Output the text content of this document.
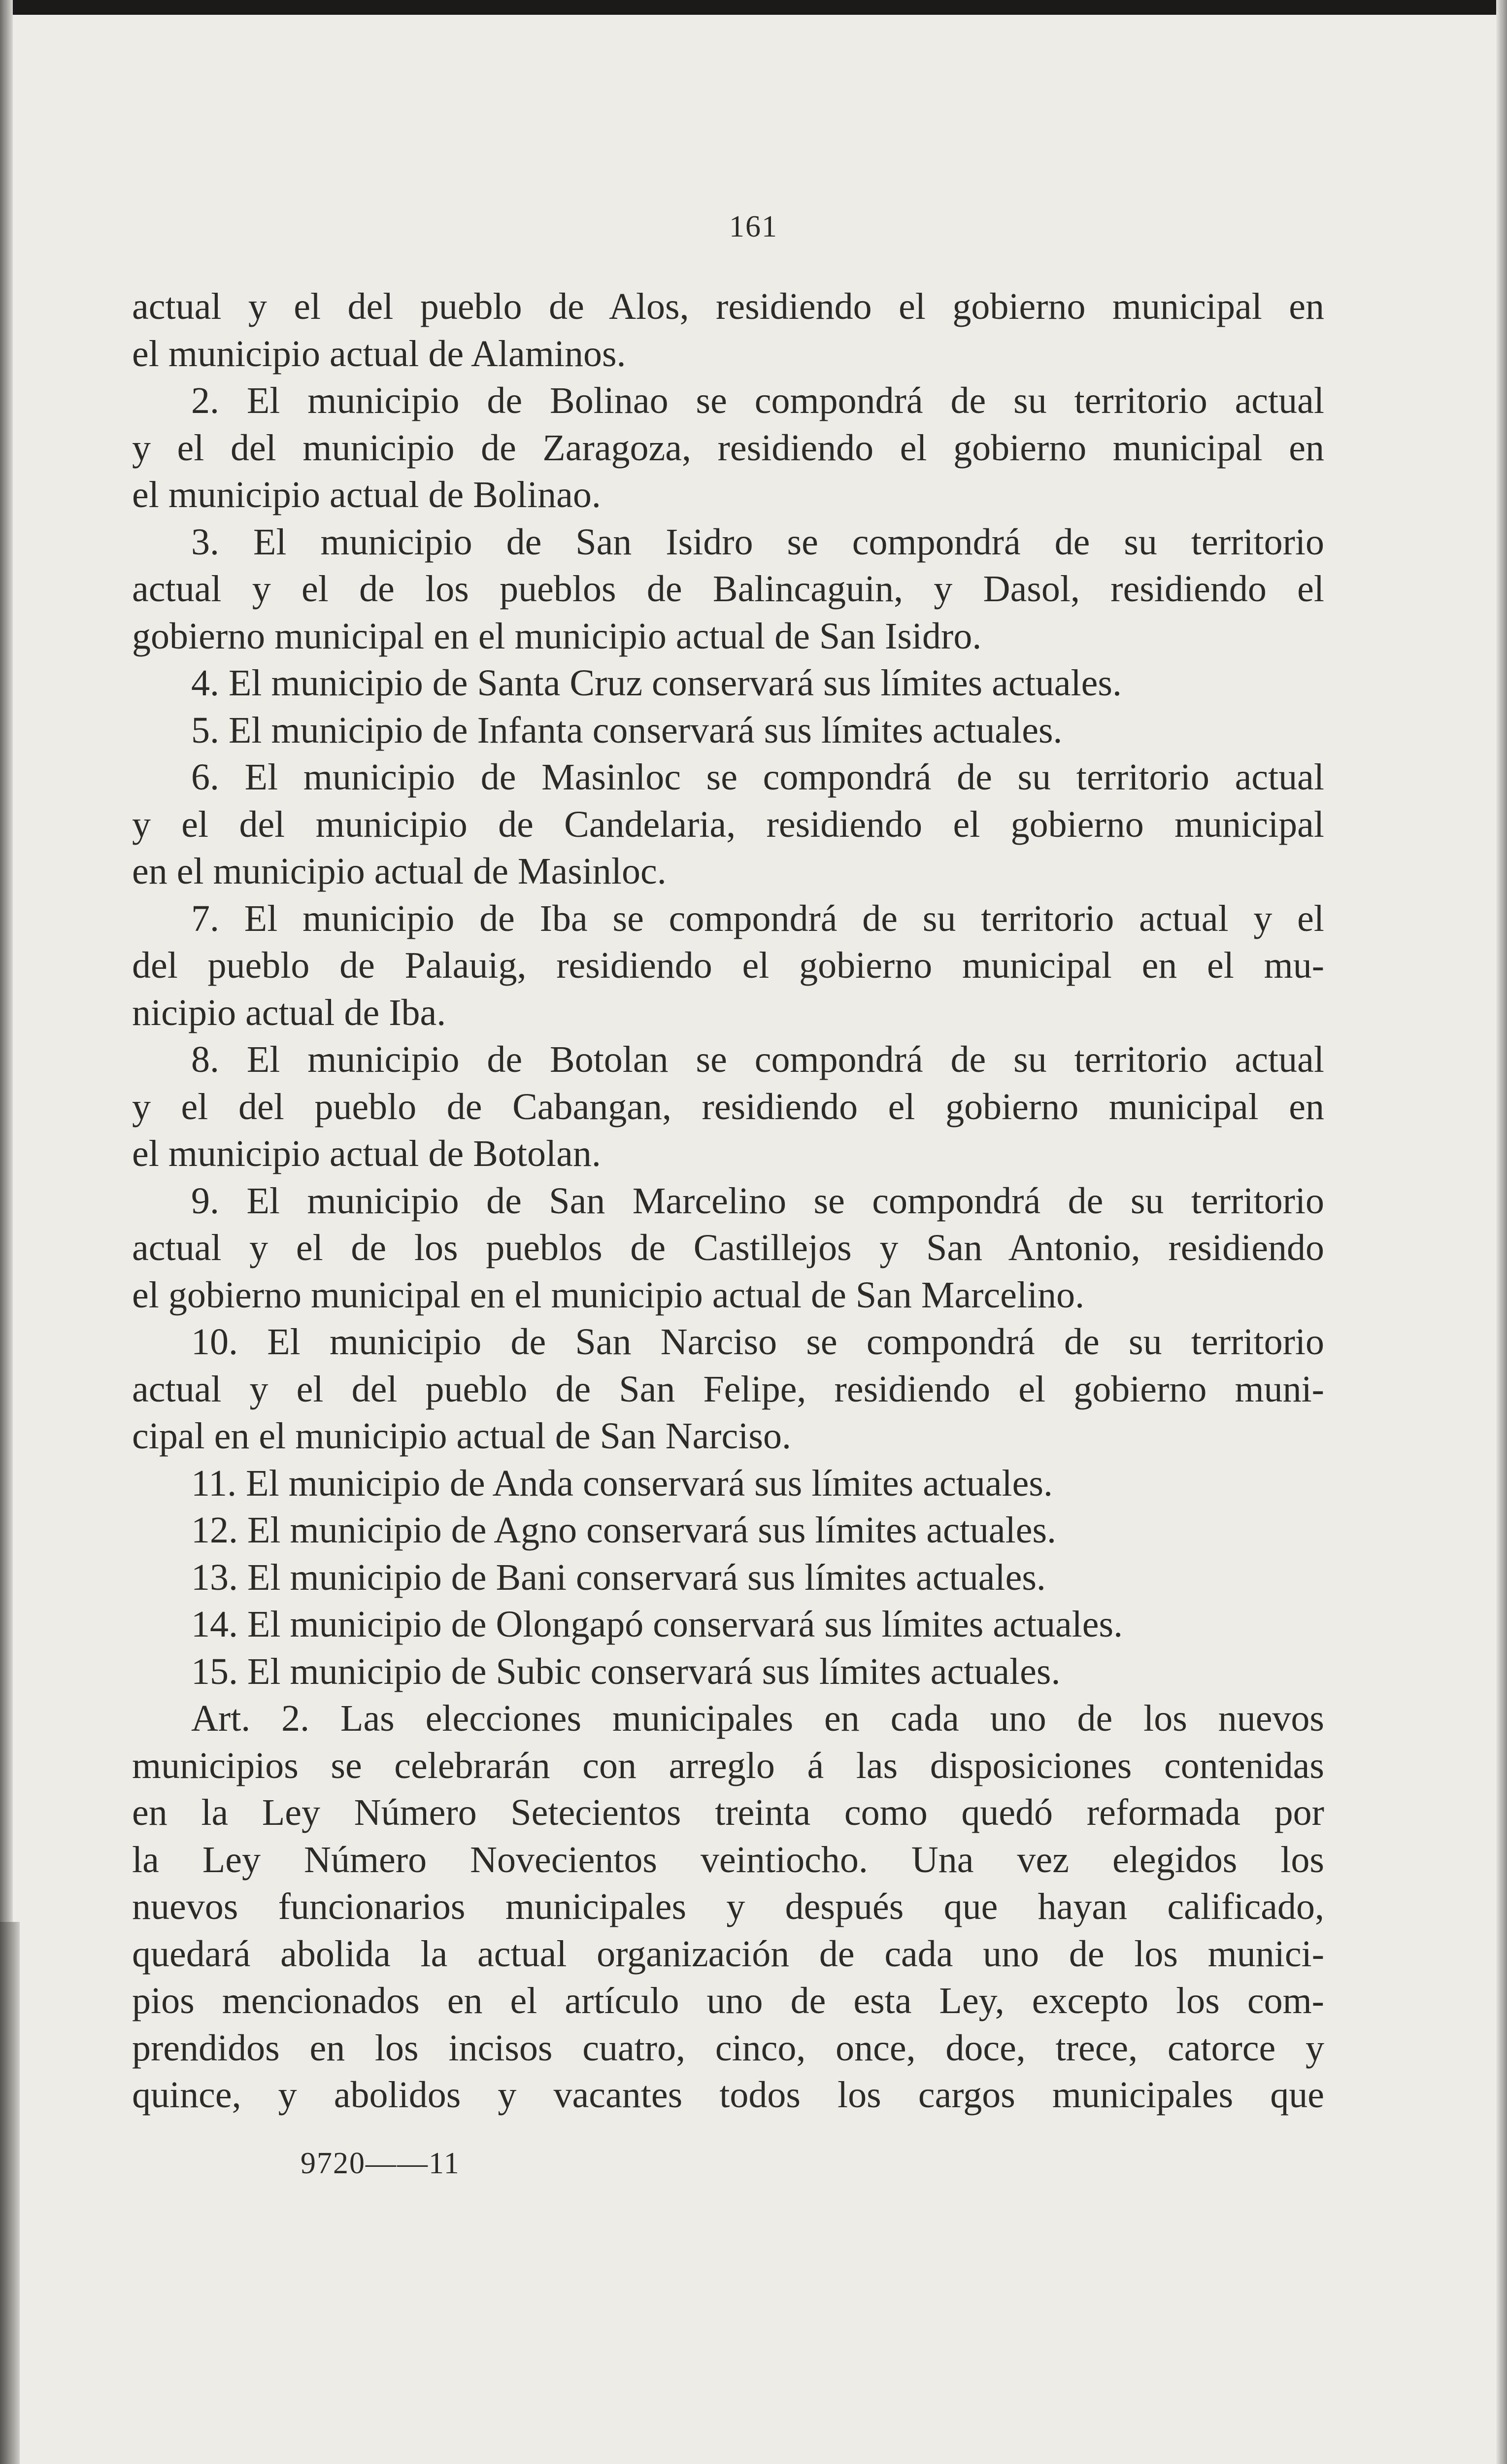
161
actual y el del pueblo de Alos, residiendo el gobierno municipal en
el municipio actual de Alaminos.
2. El municipio de Bolinao se compondrá de su territorio actual
y el del municipio de Zaragoza, residiendo el gobierno municipal en
el municipio actual de Bolinao.
3. El municipio de San Isidro se compondrá de su territorio
actual y el de los pueblos de Balincaguin, y Dasol, residiendo el
gobierno municipal en el municipio actual de San Isidro.
4. El municipio de Santa Cruz conservará sus límites actuales.
5. El municipio de Infanta conservará sus límites actuales.
6. El municipio de Masinloc se compondrá de su territorio actual
y el del municipio de Candelaria, residiendo el gobierno municipal
en el municipio actual de Masinloc.
7. El municipio de Iba se compondrá de su territorio actual y el
del pueblo de Palauig, residiendo el gobierno municipal en el mu-
nicipio actual de Iba.
8. El municipio de Botolan se compondrá de su territorio actual
y el del pueblo de Cabangan, residiendo el gobierno municipal en
el municipio actual de Botolan.
9. El municipio de San Marcelino se compondrá de su territorio
actual y el de los pueblos de Castillejos y San Antonio, residiendo
el gobierno municipal en el municipio actual de San Marcelino.
10. El municipio de San Narciso se compondrá de su territorio
actual y el del pueblo de San Felipe, residiendo el gobierno muni-
cipal en el municipio actual de San Narciso.
11. El municipio de Anda conservará sus límites actuales.
12. El municipio de Agno conservará sus límites actuales.
13. El municipio de Bani conservará sus límites actuales.
14. El municipio de Olongapó conservará sus límites actuales.
15. El municipio de Subic conservará sus límites actuales.
Art. 2. Las elecciones municipales en cada uno de los nuevos
municipios se celebrarán con arreglo á las disposiciones contenidas
en la Ley Número Setecientos treinta como quedó reformada por
la Ley Número Novecientos veintiocho. Una vez elegidos los
nuevos funcionarios municipales y después que hayan calificado,
quedará abolida la actual organización de cada uno de los munici-
pios mencionados en el artículo uno de esta Ley, excepto los com-
prendidos en los incisos cuatro, cinco, once, doce, trece, catorce y
quince, y abolidos y vacantes todos los cargos municipales que
9720——11
